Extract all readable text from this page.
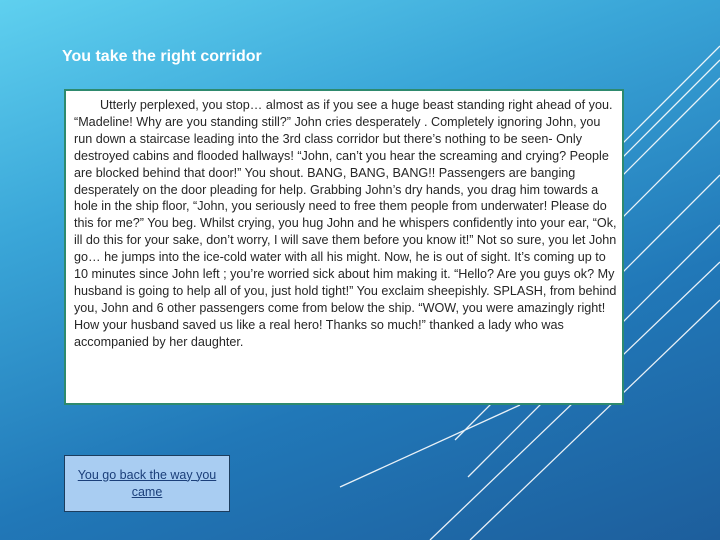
You take the right corridor

Utterly perplexed, you stop… almost as if you see a huge beast standing right ahead of you. “Madeline! Why are you standing still?” John cries desperately . Completely ignoring John, you run down a staircase leading into the 3rd class corridor but there’s nothing to be seen- Only destroyed cabins and flooded hallways! “John, can’t you hear the screaming and crying? People are blocked behind that door!” You shout. BANG, BANG, BANG!! Passengers are banging desperately on the door pleading for help. Grabbing John’s dry hands, you drag him towards a hole in the ship floor, “John, you seriously need to free them people from underwater! Please do this for me?” You beg. Whilst crying, you hug John and he whispers confidently into your ear, “Ok, ill do this for your sake, don’t worry, I will save them before you know it!” Not so sure, you let John go… he jumps into the ice-cold water with all his might. Now, he is out of sight. It’s coming up to 10 minutes since John left ; you’re worried sick about him making it. “Hello? Are you guys ok? My husband is going to help all of you, just hold tight!” You exclaim sheepishly. SPLASH, from behind you, John and 6 other passengers come from below the ship. “WOW, you were amazingly right! How your husband saved us like a real hero! Thanks so much!” thanked a lady who was accompanied by her daughter.

You go back the way you came
